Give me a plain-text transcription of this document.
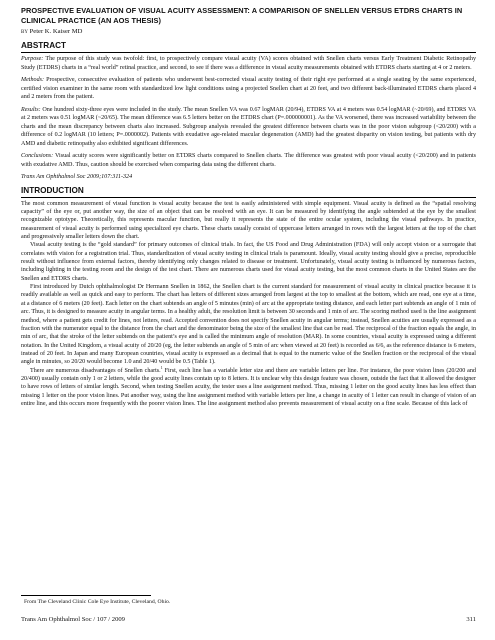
PROSPECTIVE EVALUATION OF VISUAL ACUITY ASSESSMENT: A COMPARISON OF SNELLEN VERSUS ETDRS CHARTS IN CLINICAL PRACTICE (AN AOS THESIS)
BY Peter K. Kaiser MD
ABSTRACT

Purpose: The purpose of this study was twofold: first, to prospectively compare visual acuity (VA) scores obtained with Snellen charts versus Early Treatment Diabetic Retinopathy Study (ETDRS) charts in a “real world” retinal practice, and second, to see if there was a difference in visual acuity measurements obtained with ETDRS charts starting at 4 or 2 meters.

Methods: Prospective, consecutive evaluation of patients who underwent best-corrected visual acuity testing of their right eye performed at a single seating by the same experienced, certified vision examiner in the same room with standardized low light conditions using a projected Snellen chart at 20 feet, and two different back-illuminated ETDRS charts placed 4 and 2 meters from the patient.

Results: One hundred sixty-three eyes were included in the study. The mean Snellen VA was 0.67 logMAR (20/94), ETDRS VA at 4 meters was 0.54 logMAR (~20/69), and ETDRS VA at 2 meters was 0.51 logMAR (~20/65). The mean difference was 6.5 letters better on the ETDRS chart (P=.000000001). As the VA worsened, there was increased variability between the charts and the mean discrepancy between charts also increased. Subgroup analysis revealed the greatest difference between charts was in the poor vision subgroup (<20/200) with a difference of 0.2 logMAR (10 letters; P=.0000002). Patients with exudative age-related macular degeneration (AMD) had the greatest disparity on vision testing, but patients with dry AMD and diabetic retinopathy also exhibited significant differences.

Conclusions: Visual acuity scores were significantly better on ETDRS charts compared to Snellen charts. The difference was greatest with poor visual acuity (<20/200) and in patients with exudative AMD. Thus, caution should be exercised when comparing data using the different charts.

Trans Am Ophthalmol Soc 2009;107:311-324
INTRODUCTION

The most common measurement of visual function is visual acuity because the test is easily administered with simple equipment. Visual acuity is defined as the “spatial resolving capacity” of the eye or, put another way, the size of an object that can be resolved with an eye. It can be measured by identifying the angle subtended at the eye by the smallest recognizable optotype. Theoretically, this represents macular function, but really it represents the state of the entire ocular system, including the visual pathways. In practice, measurement of visual acuity is performed using specialized eye charts. These charts usually consist of uppercase letters arranged in rows with the largest letters at the top of the chart and progressively smaller letters down the chart.

Visual acuity testing is the “gold standard” for primary outcomes of clinical trials. In fact, the US Food and Drug Administration (FDA) will only accept vision or a surrogate that correlates with vision for a registration trial. Thus, standardization of visual acuity testing in clinical trials is paramount. Ideally, visual acuity testing should give a precise, reproducible result without influence from external factors, thereby identifying only changes related to disease or treatment. Unfortunately, visual acuity testing is influenced by numerous factors, including lighting in the testing room and the design of the test chart. There are numerous charts used for visual acuity testing, but the most common charts in the United States are the Snellen and ETDRS charts.

First introduced by Dutch ophthalmologist Dr Hermann Snellen in 1862, the Snellen chart is the current standard for measurement of visual acuity in clinical practice because it is readily available as well as quick and easy to perform. The chart has letters of different sizes arranged from largest at the top to smallest at the bottom, which are read, one eye at a time, at a distance of 6 meters (20 feet). Each letter on the chart subtends an angle of 5 minutes (min) of arc at the appropriate testing distance, and each letter part subtends an angle of 1 min of arc. Thus, it is designed to measure acuity in angular terms. In a healthy adult, the resolution limit is between 30 seconds and 1 min of arc. The scoring method used is the line assignment method, where a patient gets credit for lines, not letters, read. Accepted convention does not specify Snellen acuity in angular terms; instead, Snellen acuities are usually expressed as a fraction with the numerator equal to the distance from the chart and the denominator being the size of the smallest line that can be read. The reciprocal of the fraction equals the angle, in min of arc, that the stroke of the letter subtends on the patient’s eye and is called the minimum angle of resolution (MAR). In some countries, visual acuity is expressed using a different notation. In the United Kingdom, a visual acuity of 20/20 (eg, the letter subtends an angle of 5 min of arc when viewed at 20 feet) is recorded as 6/6, as the reference distance is 6 meters, instead of 20 feet. In Japan and many European countries, visual acuity is expressed as a decimal that is equal to the numeric value of the Snellen fraction or the reciprocal of the visual angle in minutes, so 20/20 would become 1.0 and 20/40 would be 0.5 (Table 1).

There are numerous disadvantages of Snellen charts.$^1$ First, each line has a variable letter size and there are variable letters per line. For instance, the poor vision lines (20/200 and 20/400) usually contain only 1 or 2 letters, while the good acuity lines contain up to 8 letters. It is unclear why this design feature was chosen, outside the fact that it allowed the designer to have rows of letters of similar length. Second, when testing Snellen acuity, the tester uses a line assignment method. Thus, missing 1 letter on the good acuity lines has less effect than missing 1 letter on the poor vision lines. Put another way, using the line assignment method with variable letters per line, a change in acuity of 1 letter can result in change of vision of an entire line, and this occurs more frequently with the poorer vision lines. The line assignment method also prevents measurement of visual acuity on a fine scale. Because of this lack of

From The Cleveland Clinic Cole Eye Institute, Cleveland, Ohio.
Trans Am Ophthalmol Soc / 107 / 2009	311
